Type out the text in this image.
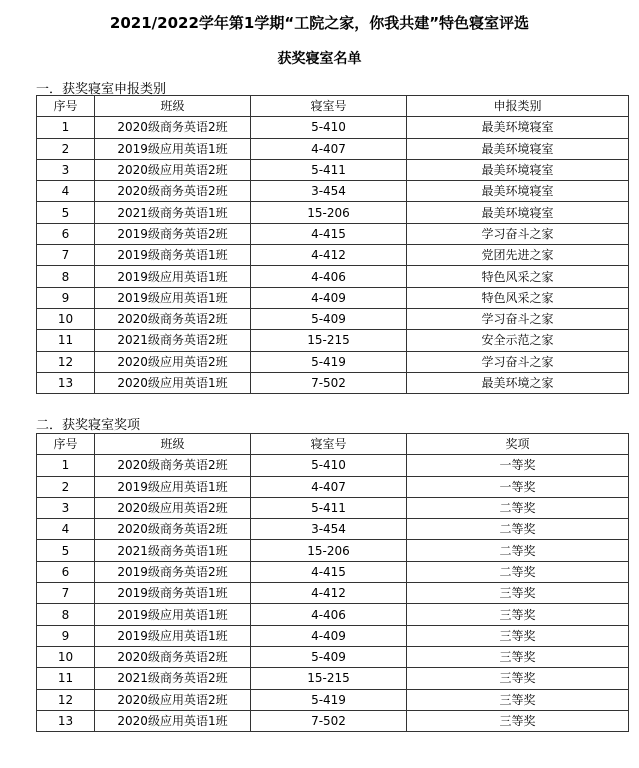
2021/2022学年第1学期“工院之家，你我共建”特色寝室评选
获奖寝室名单
一．获奖寝室申报类别
序号	班级	寝室号	申报类别
1	2020级商务英语2班	5-410	最美环境寝室
2	2019级应用英语1班	4-407	最美环境寝室
3	2020级应用英语2班	5-411	最美环境寝室
4	2020级商务英语2班	3-454	最美环境寝室
5	2021级商务英语1班	15-206	最美环境寝室
6	2019级商务英语2班	4-415	学习奋斗之家
7	2019级商务英语1班	4-412	党团先进之家
8	2019级应用英语1班	4-406	特色风采之家
9	2019级应用英语1班	4-409	特色风采之家
10	2020级商务英语2班	5-409	学习奋斗之家
11	2021级商务英语2班	15-215	安全示范之家
12	2020级应用英语2班	5-419	学习奋斗之家
13	2020级应用英语1班	7-502	最美环境之家
二．获奖寝室奖项
序号	班级	寝室号	奖项
1	2020级商务英语2班	5-410	一等奖
2	2019级应用英语1班	4-407	一等奖
3	2020级应用英语2班	5-411	二等奖
4	2020级商务英语2班	3-454	二等奖
5	2021级商务英语1班	15-206	二等奖
6	2019级商务英语2班	4-415	二等奖
7	2019级商务英语1班	4-412	三等奖
8	2019级应用英语1班	4-406	三等奖
9	2019级应用英语1班	4-409	三等奖
10	2020级商务英语2班	5-409	三等奖
11	2021级商务英语2班	15-215	三等奖
12	2020级应用英语2班	5-419	三等奖
13	2020级应用英语1班	7-502	三等奖
